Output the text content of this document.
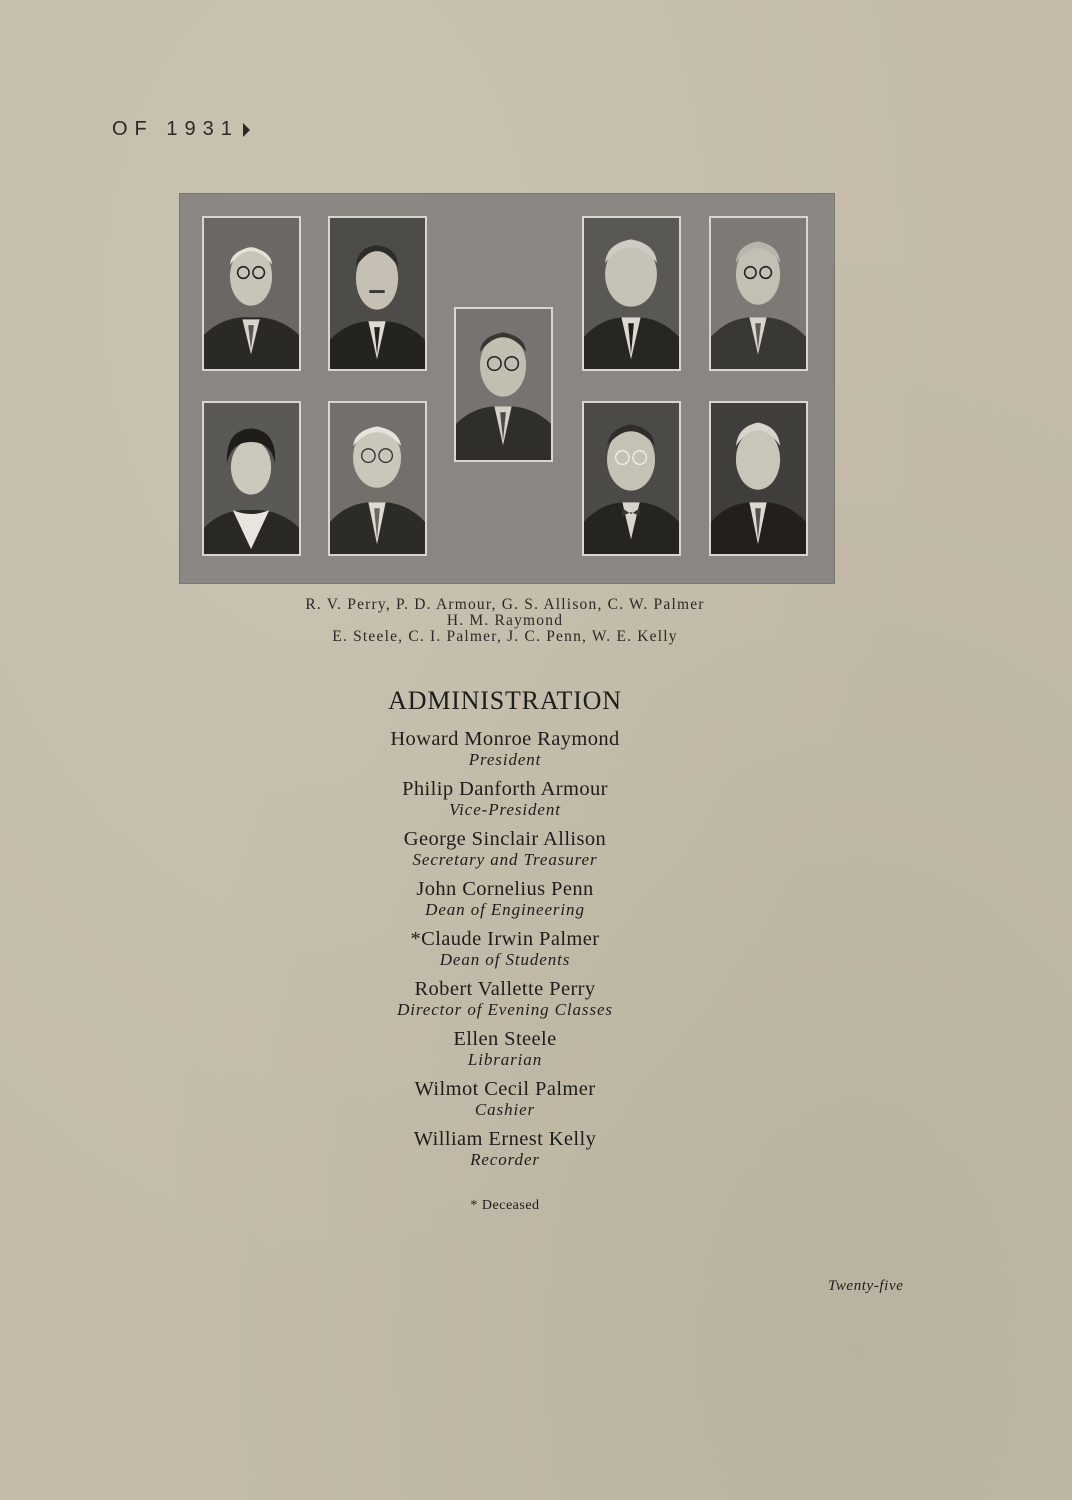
OF 1931
R. V. Perry, P. D. Armour, G. S. Allison, C. W. Palmer
H. M. Raymond
E. Steele, C. I. Palmer, J. C. Penn, W. E. Kelly
ADMINISTRATION
Howard Monroe Raymond
President
Philip Danforth Armour
Vice-President
George Sinclair Allison
Secretary and Treasurer
John Cornelius Penn
Dean of Engineering
*Claude Irwin Palmer
Dean of Students
Robert Vallette Perry
Director of Evening Classes
Ellen Steele
Librarian
Wilmot Cecil Palmer
Cashier
William Ernest Kelly
Recorder
* Deceased
Twenty-five
